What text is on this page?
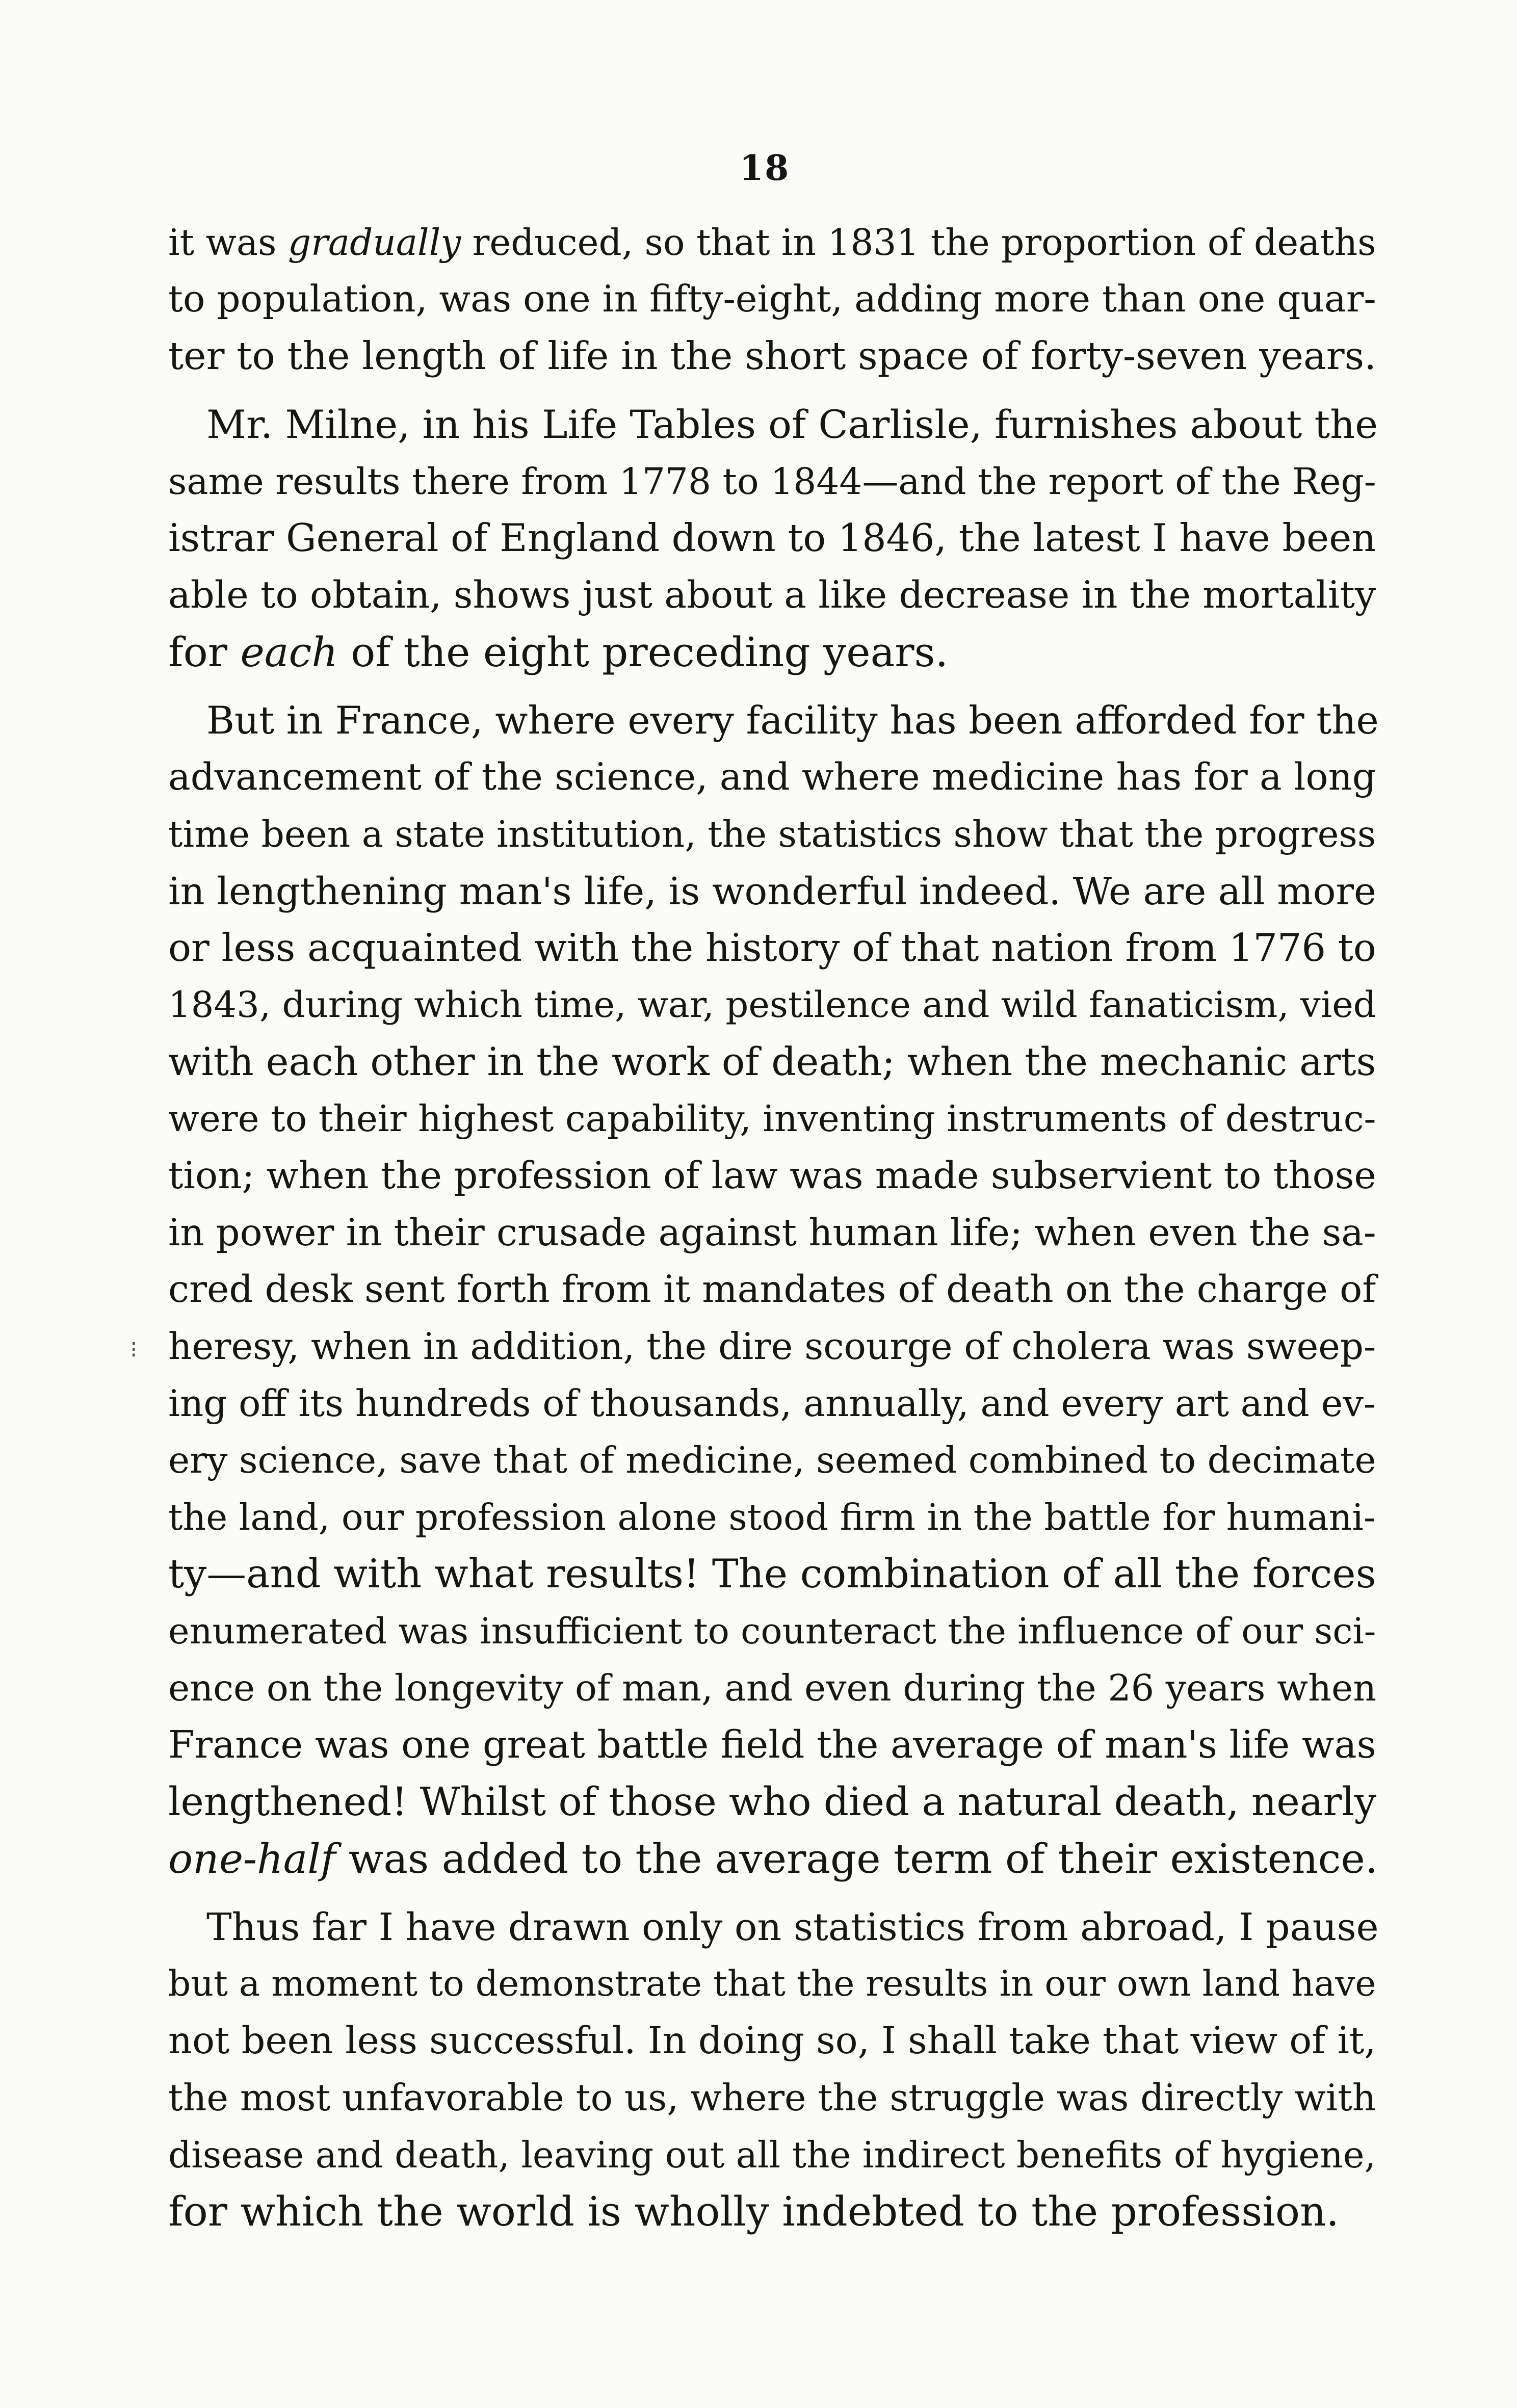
18
it was gradually reduced, so that in 1831 the proportion of deaths
to population, was one in fifty-eight, adding more than one quar-
ter to the length of life in the short space of forty-seven years.
Mr. Milne, in his Life Tables of Carlisle, furnishes about the
same results there from 1778 to 1844—and the report of the Reg-
istrar General of England down to 1846, the latest I have been
able to obtain, shows just about a like decrease in the mortality
for each of the eight preceding years.
But in France, where every facility has been afforded for the
advancement of the science, and where medicine has for a long
time been a state institution, the statistics show that the progress
in lengthening man's life, is wonderful indeed. We are all more
or less acquainted with the history of that nation from 1776 to
1843, during which time, war, pestilence and wild fanaticism, vied
with each other in the work of death; when the mechanic arts
were to their highest capability, inventing instruments of destruc-
tion; when the profession of law was made subservient to those
in power in their crusade against human life; when even the sa-
cred desk sent forth from it mandates of death on the charge of
heresy, when in addition, the dire scourge of cholera was sweep-
ing off its hundreds of thousands, annually, and every art and ev-
ery science, save that of medicine, seemed combined to decimate
the land, our profession alone stood firm in the battle for humani-
ty—and with what results! The combination of all the forces
enumerated was insufficient to counteract the influence of our sci-
ence on the longevity of man, and even during the 26 years when
France was one great battle field the average of man's life was
lengthened! Whilst of those who died a natural death, nearly
one-half was added to the average term of their existence.
Thus far I have drawn only on statistics from abroad, I pause
but a moment to demonstrate that the results in our own land have
not been less successful. In doing so, I shall take that view of it,
the most unfavorable to us, where the struggle was directly with
disease and death, leaving out all the indirect benefits of hygiene,
for which the world is wholly indebted to the profession.
⁝
